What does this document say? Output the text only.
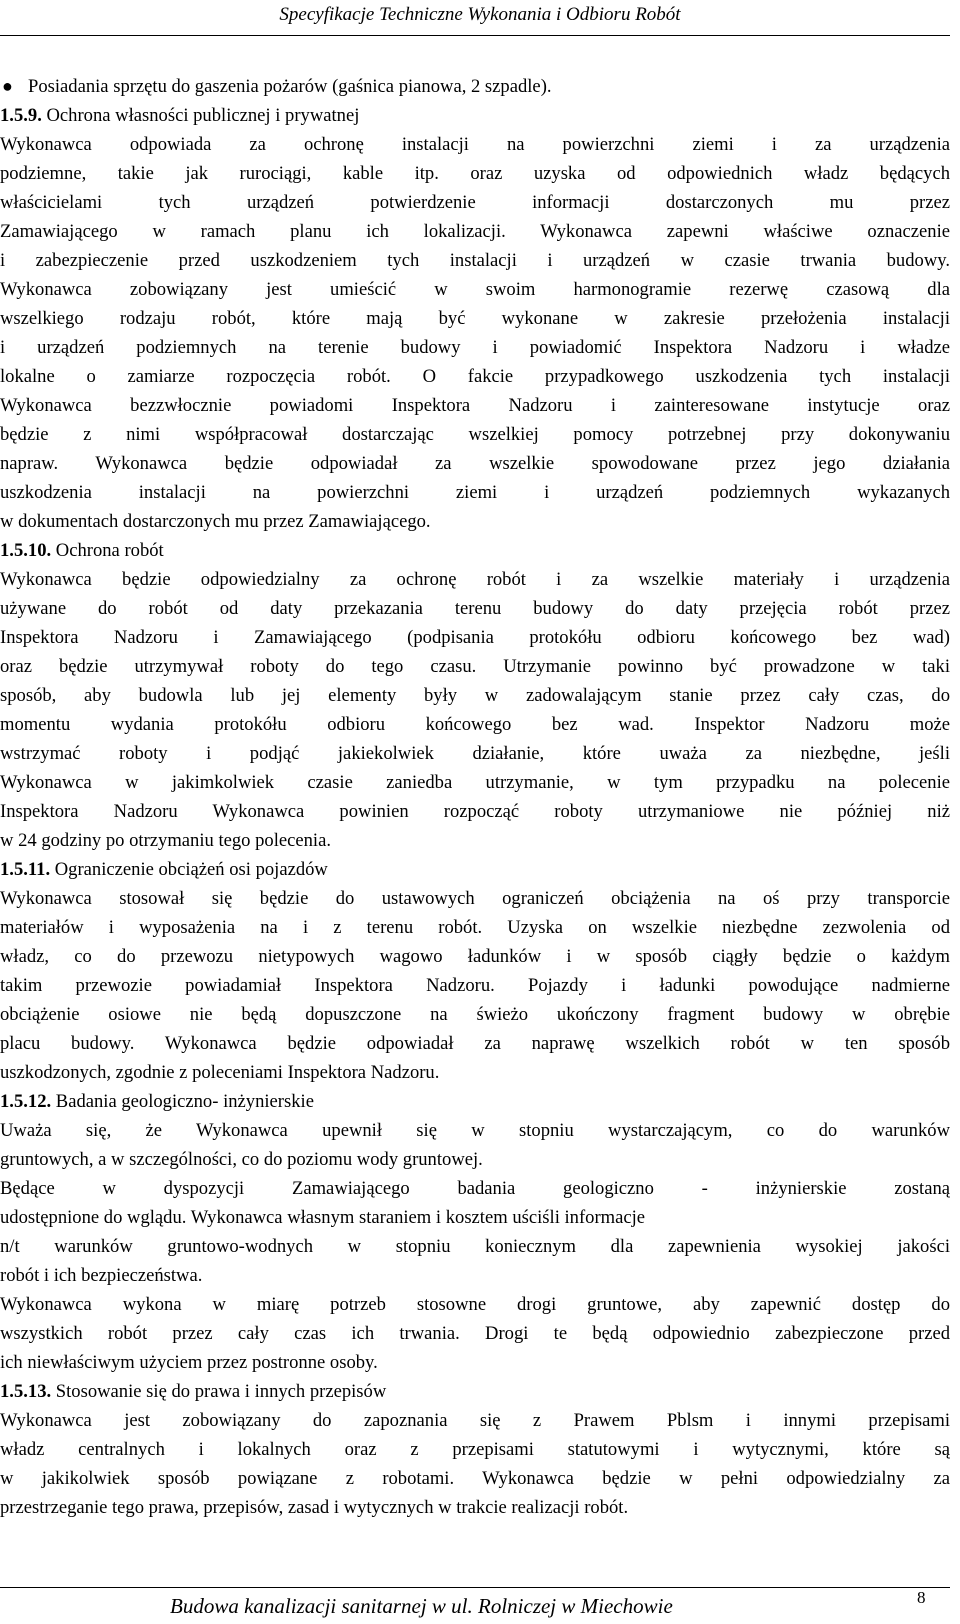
Specyfikacje Techniczne Wykonania i Odbioru Robót
● Posiadania sprzętu do gaszenia pożarów (gaśnica pianowa, 2 szpadle).
1.5.9. Ochrona własności publicznej i prywatnej
Wykonawca odpowiada za ochronę instalacji na powierzchni ziemi i za urządzenia
podziemne, takie jak rurociągi, kable itp. oraz uzyska od odpowiednich władz będących
właścicielami tych urządzeń potwierdzenie informacji dostarczonych mu przez
Zamawiającego w ramach planu ich lokalizacji. Wykonawca zapewni właściwe oznaczenie
i zabezpieczenie przed uszkodzeniem tych instalacji i urządzeń w czasie trwania budowy.
Wykonawca zobowiązany jest umieścić w swoim harmonogramie rezerwę czasową dla
wszelkiego rodzaju robót, które mają być wykonane w zakresie przełożenia instalacji
i urządzeń podziemnych na terenie budowy i powiadomić Inspektora Nadzoru i władze
lokalne o zamiarze rozpoczęcia robót. O fakcie przypadkowego uszkodzenia tych instalacji
Wykonawca bezzwłocznie powiadomi Inspektora Nadzoru i zainteresowane instytucje oraz
będzie z nimi współpracował dostarczając wszelkiej pomocy potrzebnej przy dokonywaniu
napraw. Wykonawca będzie odpowiadał za wszelkie spowodowane przez jego działania
uszkodzenia instalacji na powierzchni ziemi i urządzeń podziemnych wykazanych
w dokumentach dostarczonych mu przez Zamawiającego.
1.5.10. Ochrona robót
Wykonawca będzie odpowiedzialny za ochronę robót i za wszelkie materiały i urządzenia
używane do robót od daty przekazania terenu budowy do daty przejęcia robót przez
Inspektora Nadzoru i Zamawiającego (podpisania protokółu odbioru końcowego bez wad)
oraz będzie utrzymywał roboty do tego czasu. Utrzymanie powinno być prowadzone w taki
sposób, aby budowla lub jej elementy były w zadowalającym stanie przez cały czas, do
momentu wydania protokółu odbioru końcowego bez wad. Inspektor Nadzoru może
wstrzymać roboty i podjąć jakiekolwiek działanie, które uważa za niezbędne, jeśli
Wykonawca w jakimkolwiek czasie zaniedba utrzymanie, w tym przypadku na polecenie
Inspektora Nadzoru Wykonawca powinien rozpocząć roboty utrzymaniowe nie później niż
w 24 godziny po otrzymaniu tego polecenia.
1.5.11. Ograniczenie obciążeń osi pojazdów
Wykonawca stosował się będzie do ustawowych ograniczeń obciążenia na oś przy transporcie
materiałów i wyposażenia na i z terenu robót. Uzyska on wszelkie niezbędne zezwolenia od
władz, co do przewozu nietypowych wagowo ładunków i w sposób ciągły będzie o każdym
takim przewozie powiadamiał Inspektora Nadzoru. Pojazdy i ładunki powodujące nadmierne
obciążenie osiowe nie będą dopuszczone na świeżo ukończony fragment budowy w obrębie
placu budowy. Wykonawca będzie odpowiadał za naprawę wszelkich robót w ten sposób
uszkodzonych, zgodnie z poleceniami Inspektora Nadzoru.
1.5.12. Badania geologiczno- inżynierskie
Uważa się, że Wykonawca upewnił się w stopniu wystarczającym, co do warunków
gruntowych, a w szczególności, co do poziomu wody gruntowej.
Będące w dyspozycji Zamawiającego badania geologiczno - inżynierskie zostaną
udostępnione do wglądu. Wykonawca własnym staraniem i kosztem uściśli informacje
n/t warunków gruntowo-wodnych w stopniu koniecznym dla zapewnienia wysokiej jakości
robót i ich bezpieczeństwa.
Wykonawca wykona w miarę potrzeb stosowne drogi gruntowe, aby zapewnić dostęp do
wszystkich robót przez cały czas ich trwania. Drogi te będą odpowiednio zabezpieczone przed
ich niewłaściwym użyciem przez postronne osoby.
1.5.13. Stosowanie się do prawa i innych przepisów
Wykonawca jest zobowiązany do zapoznania się z Prawem Pblsm i innymi przepisami
władz centralnych i lokalnych oraz z przepisami statutowymi i wytycznymi, które są
w jakikolwiek sposób powiązane z robotami. Wykonawca będzie w pełni odpowiedzialny za
przestrzeganie tego prawa, przepisów, zasad i wytycznych w trakcie realizacji robót.
Budowa kanalizacji sanitarnej w ul. Rolniczej w Miechowie	8
